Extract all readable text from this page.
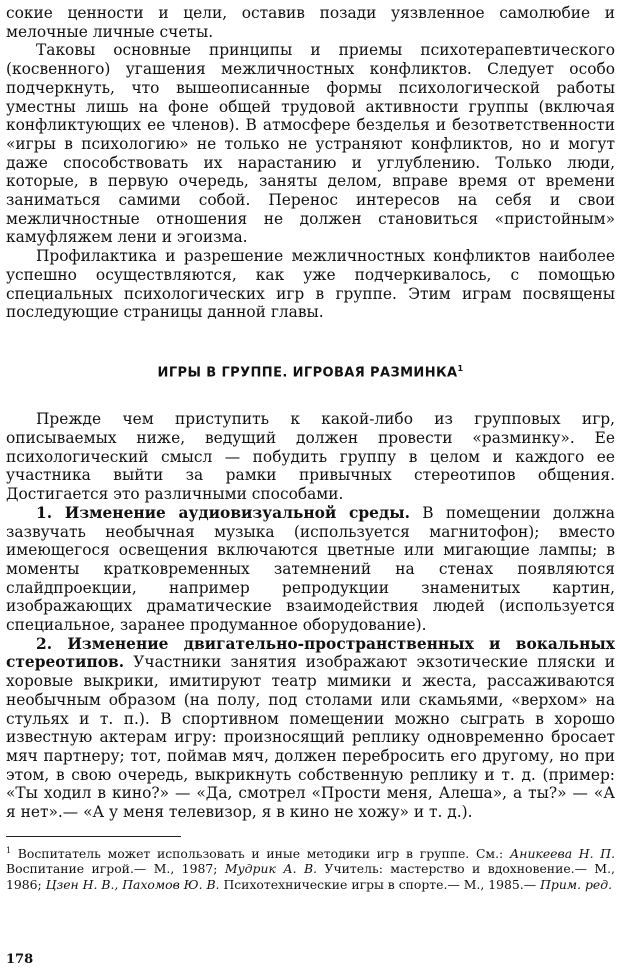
сокие ценности и цели, оставив позади уязвленное самолюбие и мелочные личные счеты.

Таковы основные принципы и приемы психотерапевтического (косвенного) угашения межличностных конфликтов. Следует особо подчеркнуть, что вышеописанные формы психологической работы уместны лишь на фоне общей трудовой активности группы (включая конфликтующих ее членов). В атмосфере безделья и безответственности «игры в психологию» не только не устраняют конфликтов, но и могут даже способствовать их нарастанию и углублению. Только люди, которые, в первую очередь, заняты делом, вправе время от времени заниматься самими собой. Перенос интересов на себя и свои межличностные отношения не должен становиться «пристойным» камуфляжем лени и эгоизма.

Профилактика и разрешение межличностных конфликтов наиболее успешно осуществляются, как уже подчеркивалось, с помощью специальных психологических игр в группе. Этим играм посвящены последующие страницы данной главы.

ИГРЫ В ГРУППЕ. ИГРОВАЯ РАЗМИНКА$^1$

Прежде чем приступить к какой-либо из групповых игр, описываемых ниже, ведущий должен провести «разминку». Ее психологический смысл — побудить группу в целом и каждого ее участника выйти за рамки привычных стереотипов общения. Достигается это различными способами.

1. Изменение аудиовизуальной среды. В помещении должна зазвучать необычная музыка (используется магнитофон); вместо имеющегося освещения включаются цветные или мигающие лампы; в моменты кратковременных затемнений на стенах появляются слайдпроекции, например репродукции знаменитых картин, изображающих драматические взаимодействия людей (используется специальное, заранее продуманное оборудование).

2. Изменение двигательно-пространственных и вокальных стереотипов. Участники занятия изображают экзотические пляски и хоровые выкрики, имитируют театр мимики и жеста, рассаживаются необычным образом (на полу, под столами или скамьями, «верхом» на стульях и т. п.). В спортивном помещении можно сыграть в хорошо известную актерам игру: произносящий реплику одновременно бросает мяч партнеру; тот, поймав мяч, должен перебросить его другому, но при этом, в свою очередь, выкрикнуть собственную реплику и т. д. (пример: «Ты ходил в кино?» — «Да, смотрел «Прости меня, Алеша», а ты?» — «А я нет».— «А у меня телевизор, я в кино не хожу» и т. д.).

$^1$ Воспитатель может использовать и иные методики игр в группе. См.: Аникеева Н. П. Воспитание игрой.— М., 1987; Мудрик А. В. Учитель: мастерство и вдохновение.— М., 1986; Цзен Н. В., Пахомов Ю. В. Психотехнические игры в спорте.— М., 1985.— Прим. ред.

178
